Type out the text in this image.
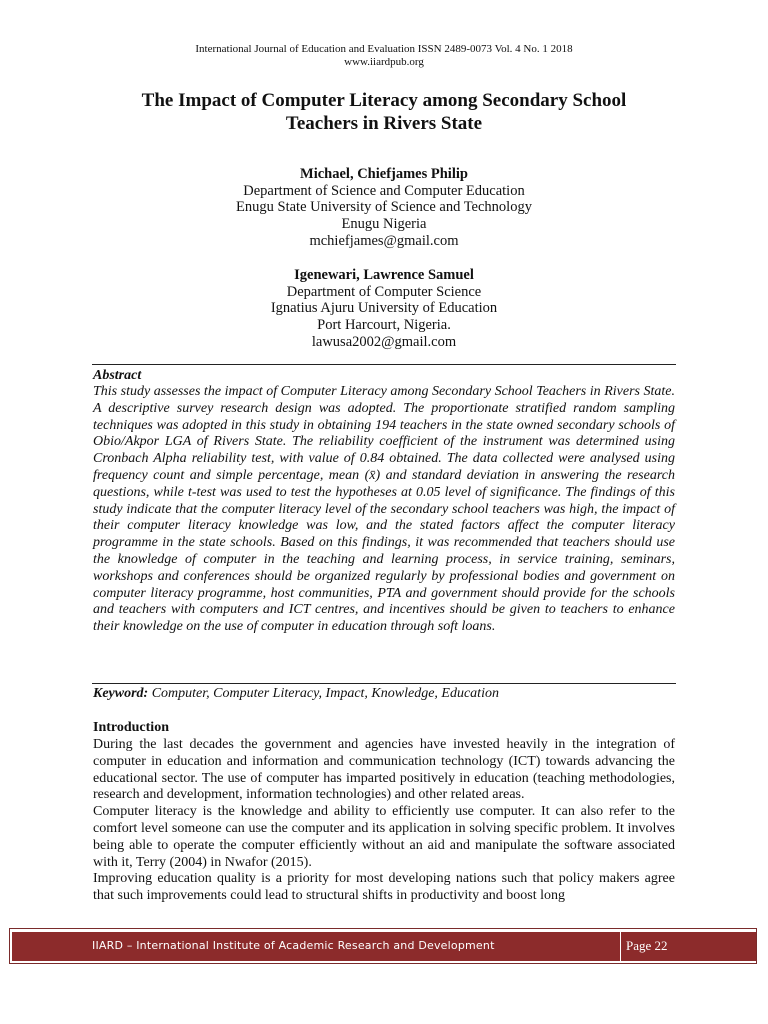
International Journal of Education and Evaluation ISSN 2489-0073 Vol. 4 No. 1 2018
www.iiardpub.org
The Impact of Computer Literacy among Secondary School
Teachers in Rivers State
Michael, Chiefjames Philip
Department of Science and Computer Education
Enugu State University of Science and Technology
Enugu Nigeria
mchiefjames@gmail.com
Igenewari, Lawrence Samuel
Department of Computer Science
Ignatius Ajuru University of Education
Port Harcourt, Nigeria.
lawusa2002@gmail.com
Abstract
This study assesses the impact of Computer Literacy among Secondary School Teachers in Rivers State. A descriptive survey research design was adopted. The proportionate stratified random sampling techniques was adopted in this study in obtaining 194 teachers in the state owned secondary schools of Obio/Akpor LGA of Rivers State. The reliability coefficient of the instrument was determined using Cronbach Alpha reliability test, with value of 0.84 obtained. The data collected were analysed using frequency count and simple percentage, mean (x̄) and standard deviation in answering the research questions, while t-test was used to test the hypotheses at 0.05 level of significance. The findings of this study indicate that the computer literacy level of the secondary school teachers was high, the impact of their computer literacy knowledge was low, and the stated factors affect the computer literacy programme in the state schools. Based on this findings, it was recommended that teachers should use the knowledge of computer in the teaching and learning process, in service training, seminars, workshops and conferences should be organized regularly by professional bodies and government on computer literacy programme, host communities, PTA and government should provide for the schools and teachers with computers and ICT centres, and incentives should be given to teachers to enhance their knowledge on the use of computer in education through soft loans.
Keyword: Computer, Computer Literacy, Impact, Knowledge, Education
Introduction

During the last decades the government and agencies have invested heavily in the integration of computer in education and information and communication technology (ICT) towards advancing the educational sector. The use of computer has imparted positively in education (teaching methodologies, research and development, information technologies) and other related areas.

Computer literacy is the knowledge and ability to efficiently use computer. It can also refer to the comfort level someone can use the computer and its application in solving specific problem. It involves being able to operate the computer efficiently without an aid and manipulate the software associated with it, Terry (2004) in Nwafor (2015).

Improving education quality is a priority for most developing nations such that policy makers agree that such improvements could lead to structural shifts in productivity and boost long

IIARD – International Institute of Academic Research and Development	Page 22
